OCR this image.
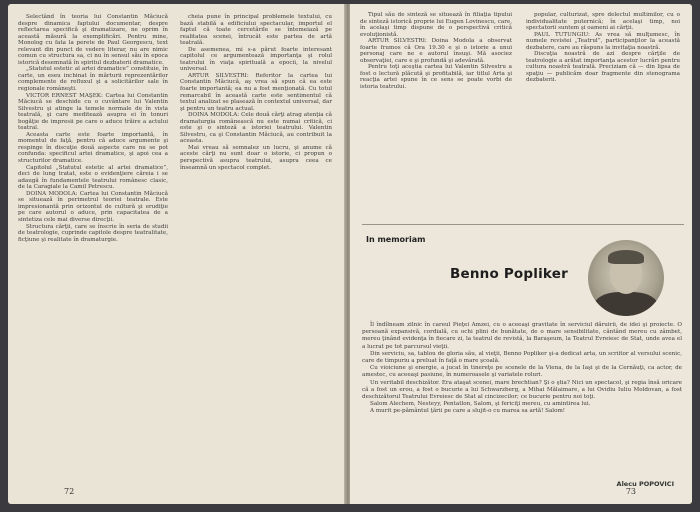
Selectând în teoria lui Constantin Măciucă despre dinamica faptului documentar, despre reflectarea specifică şi dramatizare, ne oprim în această măsură la exemplificări. Pentru mine, Monolog cu fata la perete de Paul Georgescu, text relevant din punct de vedere literar, nu are nimic comun cu structura sa, ci nu în sensul său în epoca istorică desemnată în spiritul dezbaterii dramatice.

„Statutul estetic al artei dramatice” constituie, în carte, un eseu inchinat în mărturii reprezentărilor complemente de refluxul şi a solicitărilor sale în regionale româneşti.

VICTOR ERNEST MAŞEK: Cartea lui Constantin Măciucă se deschide cu o cuvântare lui Valentin Silvestru şi atinge la temele normale de în vista teatrală, şi care meditează asupra ei în tonuri bogăţie de impresii pe care o aduce trăire a actului teatral.

Aceasta carte este foarte importantă, în momentul de faţă, pentru că aduce argumente şi respinge în discuţie două aspecte care nu se pot confunda: specificul artei dramatice, şi apoi cea a structurilor dramatice.

Capitolul „Statutul estetic al artei dramatice”, deci de lung tratat, este o evidenţiere căreia i se adaugă în fundamentele teatrului românesc clasic, de la Caragiale la Camil Petrescu.

DOINA MODOLA: Cartea lui Constantin Măciucă se situează în perimetrul teoriei teatrale. Este impresionantă prin orizontul de cultură şi erudiţie pe care autorul o aduce, prin capacitatea de a sintetiza cele mai diverse direcţii.

Structura cărţii, care se înscrie în seria de studii de teatrologie, cuprinde capitole despre teatralitate, ficţiune şi realitate în dramaturgie.

cheia pune în principal problemele textului, cu bază stabilă a edificiului spectacular, importul el faptul că toate cercetările se întemeiază pe realitatea scenei, întrucât este partea de artă teatrală.

De asemenea, mi s-a părut foarte interesant capitolul ce argumentează importanţa şi rolul teatrului în viaţa spirituală a epocii, la nivelul universal.

ARTUR SILVESTRI: Referitor la cartea lui Constantin Măciucă, aş vrea să spun că ea este foarte importantă; ea nu a fost menţionată. Cu totul remarcabil în această carte este sentimentul că textul analizat se plasează în contextul universal, dar şi pentru un teatru actual.

DOINA MODOLA: Cele două cărţi atrag atenţia că dramaturgia românească nu este numai critică, ci este şi o sinteză a istoriei teatrului. Valentin Silvestru, ca şi Constantin Măciucă, au contribuit la aceasta.

Mai vreau să semnalez un lucru, şi anume că aceste cărţi nu sunt doar o istorie, ci propun o perspectivă asupra teatrului, asupra ceea ce înseamnă un spectacol complet.

72

Tipul său de sinteză se situează în filiaţia tipului de sinteză istorică proprie lui Eugen Lovinescu, care, în acelaşi timp dispune de o perspectivă critică evoluţionistă.

ARTUR SILVESTRI: Doina Modola a observat foarte frumos că Ora 19.30 e şi o istorie a unui personaj care ne e autorul însuşi. Mă asociez observaţiei, care e şi profundă şi adevărată.

Pentru toţi aceştia cartea lui Valentin Silvestru a fost o lectură plăcută şi profitabilă, iar titlul Arta şi reacţia artei spune în ce sens se poate vorbi de istoria teatrului.

popular, culturizat, spre delectul multimilor, cu o individualitate puternică; în acelaşi timp, noi spectatorii suntem şi oameni ai cărţii.

PAUL TUTUNGIU: As vrea să mulţumesc, în numele revistei „Teatrul”, participanţilor la această dezbatere, care au răspuns la invitaţia noastră.

Discuţia noastră de azi despre cărţile de teatrologie a arătat importanţa acestor lucrări pentru cultura noastră teatrală. Preciziam că — din lipsa de spaţiu — publicăm doar fragmente din stenograma dezbaterii.

In memoriam
Benno Popliker

Îl îndîlneam zilnic în careul Pieţei Amzei, cu o aceeaşi gravitate în serviciul dăruirii, de idei şi proiecte. O persoană expansivă, cordială, cu ochi plini de bunătate, de o mare sensibilitate, cântând mereu cu zâmbet, mereu ţinând evidenţa în fiecare zi, la teatrul de revistă, la Baraşeum, la Teatrul Evreiesc de Stat, unde avea el a lucrat pe tot parcursul vieţii.

Din serviciu, sa, tablou de gloria său, al vieţii, Benno Popliker şi-a dedicat arta, un scriitor al versului scenic, care de timpuriu a preluat în faţă o mare şcoală.

Cu vioiciune şi energie, a jucat în tinereţe pe scenele de la Viena, de la Iaşi şi de la Cernăuţi, ca actor, de amestec, cu aceeaşi pasiune, în numeroasele şi variatele roluri.

Un veritabil deschizător. Era ataşat scenei, mare brechtian? Şi o ştia? Nici un spectacol, şi regia însă oricare că a fost un erou, a fost o bucurie a lui Schwarzberg, a Mihai Mălaimare, a lui Ovidiu Iuliu Moldovan, a fost deschizătorul Teatrului Evreiesc de Stat al cincizecilor; ce bucurie pentru noi toţi.

Salom Alechem, Nesteyy, Pentatlon, Salom, şi fericiţi mereu, cu amintirea lui.

A murit pe-pământul ţării pe care a slujit-o cu marea sa artă! Salom!

Alecu POPOVICI
73
